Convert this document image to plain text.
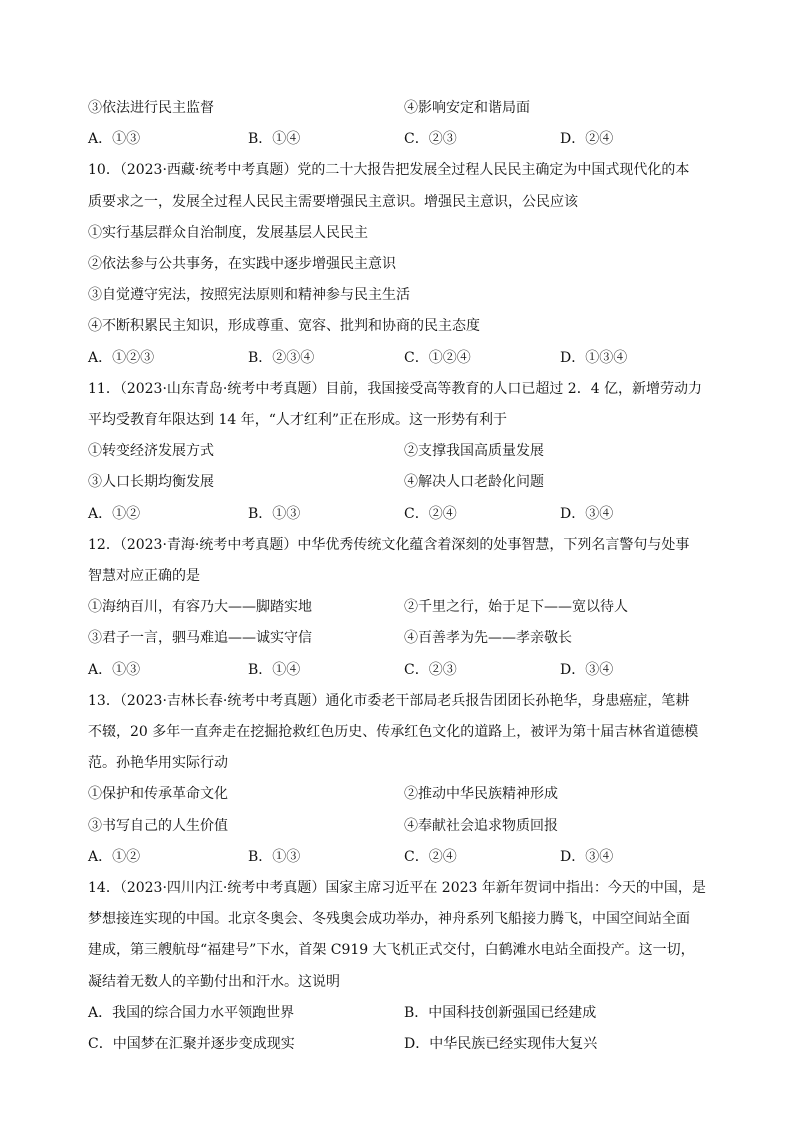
③依法进行民主监督	④影响安定和谐局面
A．①③	B．①④	C．②③	D．②④
10．（2023·西藏·统考中考真题）党的二十大报告把发展全过程人民民主确定为中国式现代化的本
质要求之一，发展全过程人民民主需要增强民主意识。增强民主意识，公民应该
①实行基层群众自治制度，发展基层人民民主
②依法参与公共事务，在实践中逐步增强民主意识
③自觉遵守宪法，按照宪法原则和精神参与民主生活
④不断积累民主知识，形成尊重、宽容、批判和协商的民主态度
A．①②③	B．②③④	C．①②④	D．①③④
11．（2023·山东青岛·统考中考真题）目前，我国接受高等教育的人口已超过 2．4 亿，新增劳动力
平均受教育年限达到 14 年，“人才红利”正在形成。这一形势有利于
①转变经济发展方式	②支撑我国高质量发展
③人口长期均衡发展	④解决人口老龄化问题
A．①②	B．①③	C．②④	D．③④
12．（2023·青海·统考中考真题）中华优秀传统文化蕴含着深刻的处事智慧，下列名言警句与处事
智慧对应正确的是
①海纳百川，有容乃大——脚踏实地	②千里之行，始于足下——宽以待人
③君子一言，驷马难追——诚实守信	④百善孝为先——孝亲敬长
A．①③	B．①④	C．②③	D．③④
13．（2023·吉林长春·统考中考真题）通化市委老干部局老兵报告团团长孙艳华，身患癌症，笔耕
不辍，20 多年一直奔走在挖掘抢救红色历史、传承红色文化的道路上，被评为第十届吉林省道德模
范。孙艳华用实际行动
①保护和传承革命文化	②推动中华民族精神形成
③书写自己的人生价值	④奉献社会追求物质回报
A．①②	B．①③	C．②④	D．③④
14．（2023·四川内江·统考中考真题）国家主席习近平在 2023 年新年贺词中指出：今天的中国，是
梦想接连实现的中国。北京冬奥会、冬残奥会成功举办，神舟系列飞船接力腾飞，中国空间站全面
建成，第三艘航母“福建号”下水，首架 C919 大飞机正式交付，白鹤滩水电站全面投产。这一切，
凝结着无数人的辛勤付出和汗水。这说明
A．我国的综合国力水平领跑世界	B．中国科技创新强国已经建成
C．中国梦在汇聚并逐步变成现实	D．中华民族已经实现伟大复兴
